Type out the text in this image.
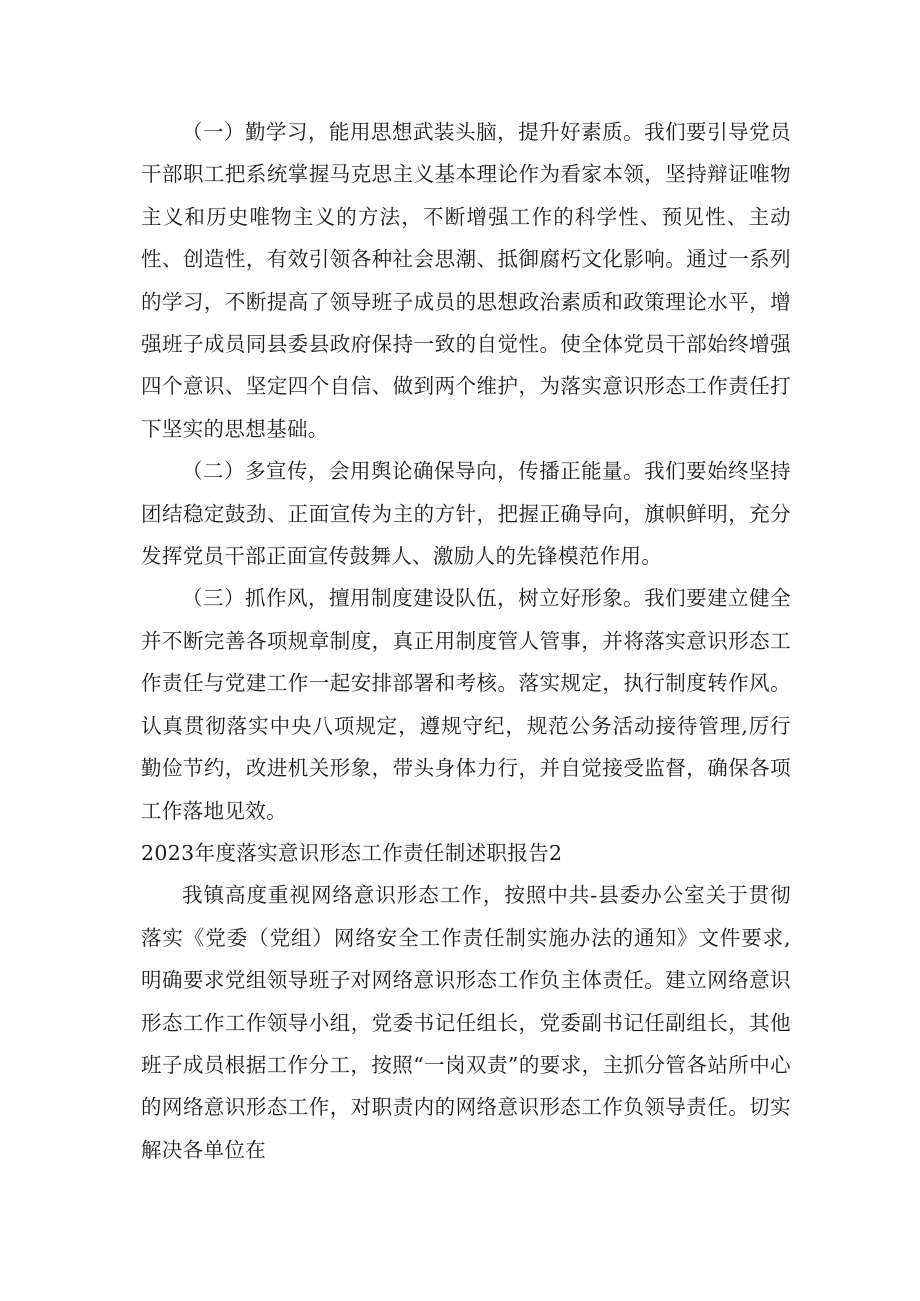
（一）勤学习，能用思想武装头脑，提升好素质。我们要引导党员干部职工把系统掌握马克思主义基本理论作为看家本领，坚持辩证唯物主义和历史唯物主义的方法，不断增强工作的科学性、预见性、主动性、创造性，有效引领各种社会思潮、抵御腐朽文化影响。通过一系列的学习，不断提高了领导班子成员的思想政治素质和政策理论水平，增强班子成员同县委县政府保持一致的自觉性。使全体党员干部始终增强四个意识、坚定四个自信、做到两个维护，为落实意识形态工作责任打下坚实的思想基础。

（二）多宣传，会用舆论确保导向，传播正能量。我们要始终坚持团结稳定鼓劲、正面宣传为主的方针，把握正确导向，旗帜鲜明，充分发挥党员干部正面宣传鼓舞人、激励人的先锋模范作用。

（三）抓作风，擅用制度建设队伍，树立好形象。我们要建立健全并不断完善各项规章制度，真正用制度管人管事，并将落实意识形态工作责任与党建工作一起安排部署和考核。落实规定，执行制度转作风。认真贯彻落实中央八项规定，遵规守纪，规范公务活动接待管理,厉行勤俭节约，改进机关形象，带头身体力行，并自觉接受监督，确保各项工作落地见效。

2023年度落实意识形态工作责任制述职报告2

我镇高度重视网络意识形态工作，按照中共-县委办公室关于贯彻落实《党委（党组）网络安全工作责任制实施办法的通知》文件要求,明确要求党组领导班子对网络意识形态工作负主体责任。建立网络意识形态工作工作领导小组，党委书记任组长，党委副书记任副组长，其他班子成员根据工作分工，按照“一岗双责”的要求，主抓分管各站所中心的网络意识形态工作，对职责内的网络意识形态工作负领导责任。切实解决各单位在
